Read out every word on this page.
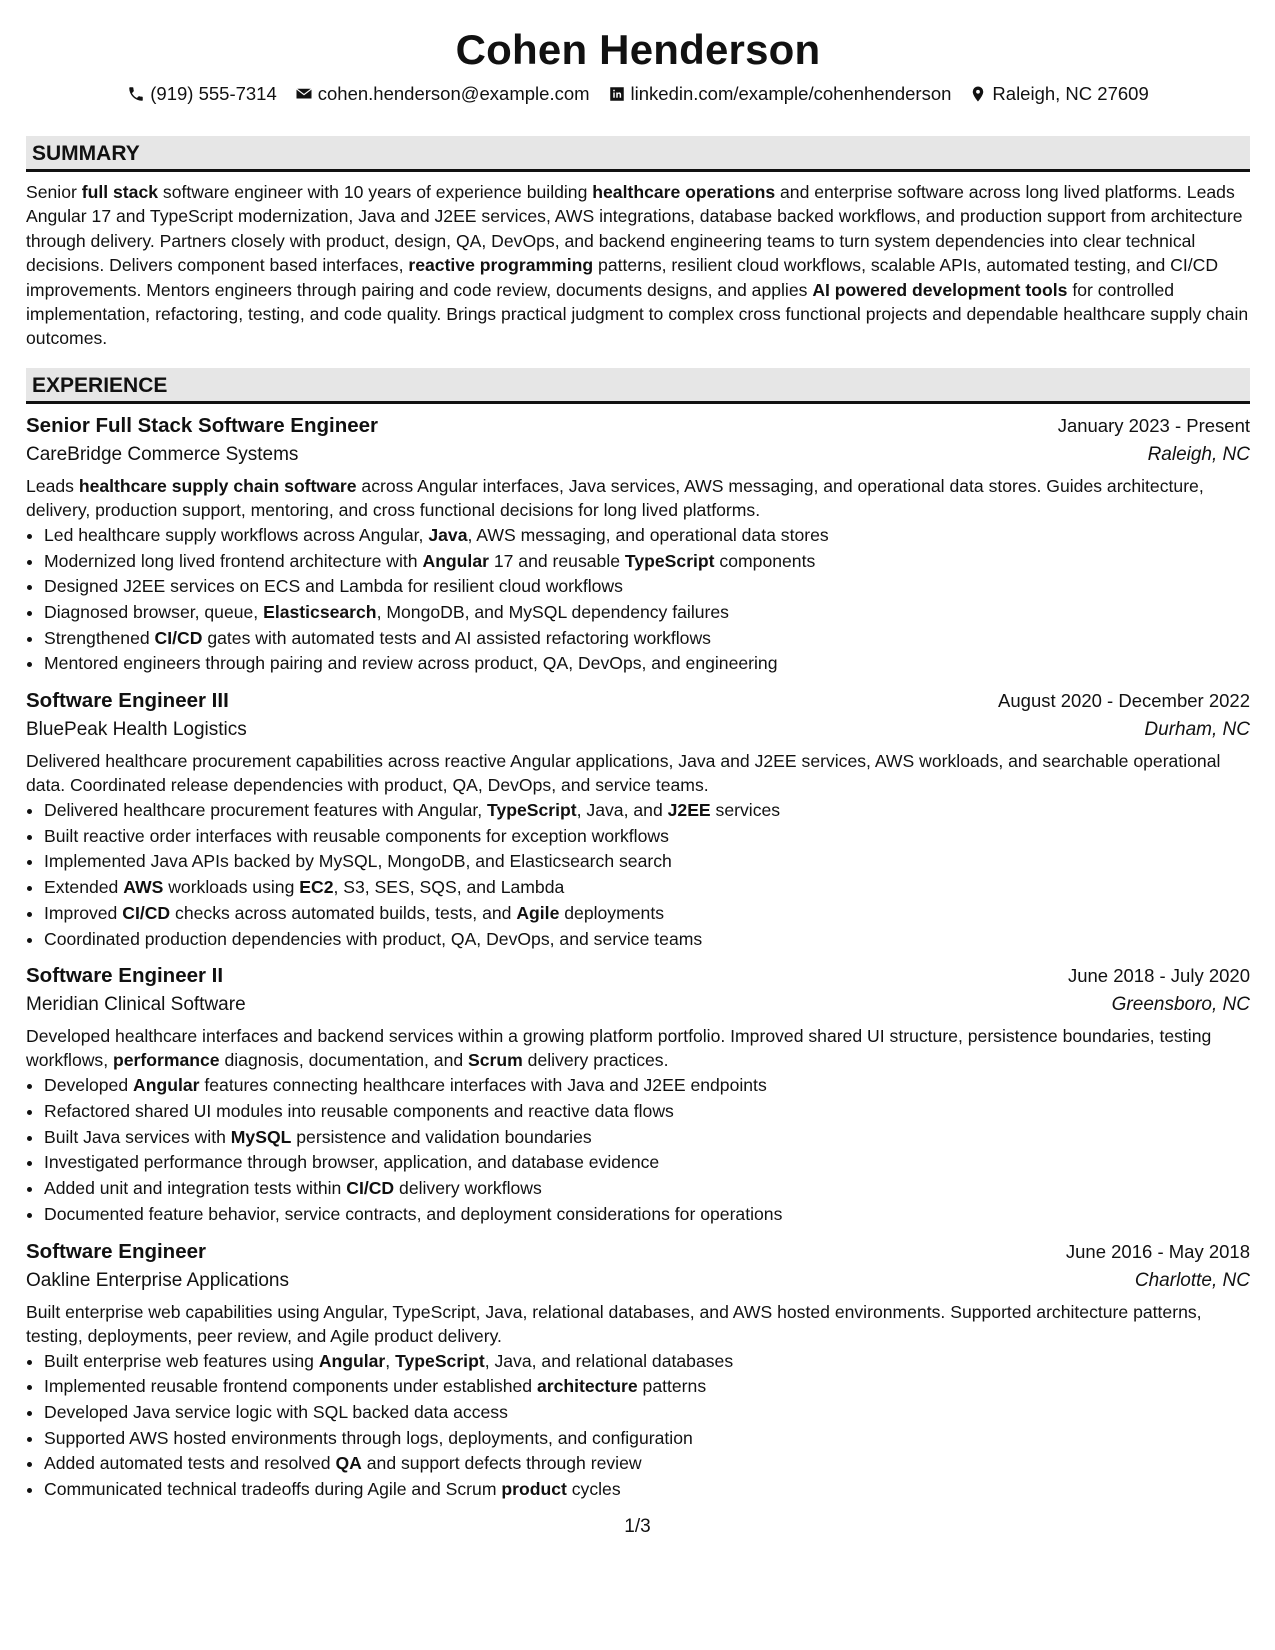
Cohen Henderson
(919) 555-7314 cohen.henderson@example.com linkedin.com/example/cohenhenderson Raleigh, NC 27609
SUMMARY
Senior full stack software engineer with 10 years of experience building healthcare operations and enterprise software across long lived platforms. Leads Angular 17 and TypeScript modernization, Java and J2EE services, AWS integrations, database backed workflows, and production support from architecture through delivery. Partners closely with product, design, QA, DevOps, and backend engineering teams to turn system dependencies into clear technical decisions. Delivers component based interfaces, reactive programming patterns, resilient cloud workflows, scalable APIs, automated testing, and CI/CD improvements. Mentors engineers through pairing and code review, documents designs, and applies AI powered development tools for controlled implementation, refactoring, testing, and code quality. Brings practical judgment to complex cross functional projects and dependable healthcare supply chain outcomes.
EXPERIENCE
Senior Full Stack Software Engineer	January 2023 - Present
CareBridge Commerce Systems	Raleigh, NC
Leads healthcare supply chain software across Angular interfaces, Java services, AWS messaging, and operational data stores. Guides architecture, delivery, production support, mentoring, and cross functional decisions for long lived platforms.
• Led healthcare supply workflows across Angular, Java, AWS messaging, and operational data stores
• Modernized long lived frontend architecture with Angular 17 and reusable TypeScript components
• Designed J2EE services on ECS and Lambda for resilient cloud workflows
• Diagnosed browser, queue, Elasticsearch, MongoDB, and MySQL dependency failures
• Strengthened CI/CD gates with automated tests and AI assisted refactoring workflows
• Mentored engineers through pairing and review across product, QA, DevOps, and engineering
Software Engineer III	August 2020 - December 2022
BluePeak Health Logistics	Durham, NC
Delivered healthcare procurement capabilities across reactive Angular applications, Java and J2EE services, AWS workloads, and searchable operational data. Coordinated release dependencies with product, QA, DevOps, and service teams.
• Delivered healthcare procurement features with Angular, TypeScript, Java, and J2EE services
• Built reactive order interfaces with reusable components for exception workflows
• Implemented Java APIs backed by MySQL, MongoDB, and Elasticsearch search
• Extended AWS workloads using EC2, S3, SES, SQS, and Lambda
• Improved CI/CD checks across automated builds, tests, and Agile deployments
• Coordinated production dependencies with product, QA, DevOps, and service teams
Software Engineer II	June 2018 - July 2020
Meridian Clinical Software	Greensboro, NC
Developed healthcare interfaces and backend services within a growing platform portfolio. Improved shared UI structure, persistence boundaries, testing workflows, performance diagnosis, documentation, and Scrum delivery practices.
• Developed Angular features connecting healthcare interfaces with Java and J2EE endpoints
• Refactored shared UI modules into reusable components and reactive data flows
• Built Java services with MySQL persistence and validation boundaries
• Investigated performance through browser, application, and database evidence
• Added unit and integration tests within CI/CD delivery workflows
• Documented feature behavior, service contracts, and deployment considerations for operations
Software Engineer	June 2016 - May 2018
Oakline Enterprise Applications	Charlotte, NC
Built enterprise web capabilities using Angular, TypeScript, Java, relational databases, and AWS hosted environments. Supported architecture patterns, testing, deployments, peer review, and Agile product delivery.
• Built enterprise web features using Angular, TypeScript, Java, and relational databases
• Implemented reusable frontend components under established architecture patterns
• Developed Java service logic with SQL backed data access
• Supported AWS hosted environments through logs, deployments, and configuration
• Added automated tests and resolved QA and support defects through review
• Communicated technical tradeoffs during Agile and Scrum product cycles
1/3
